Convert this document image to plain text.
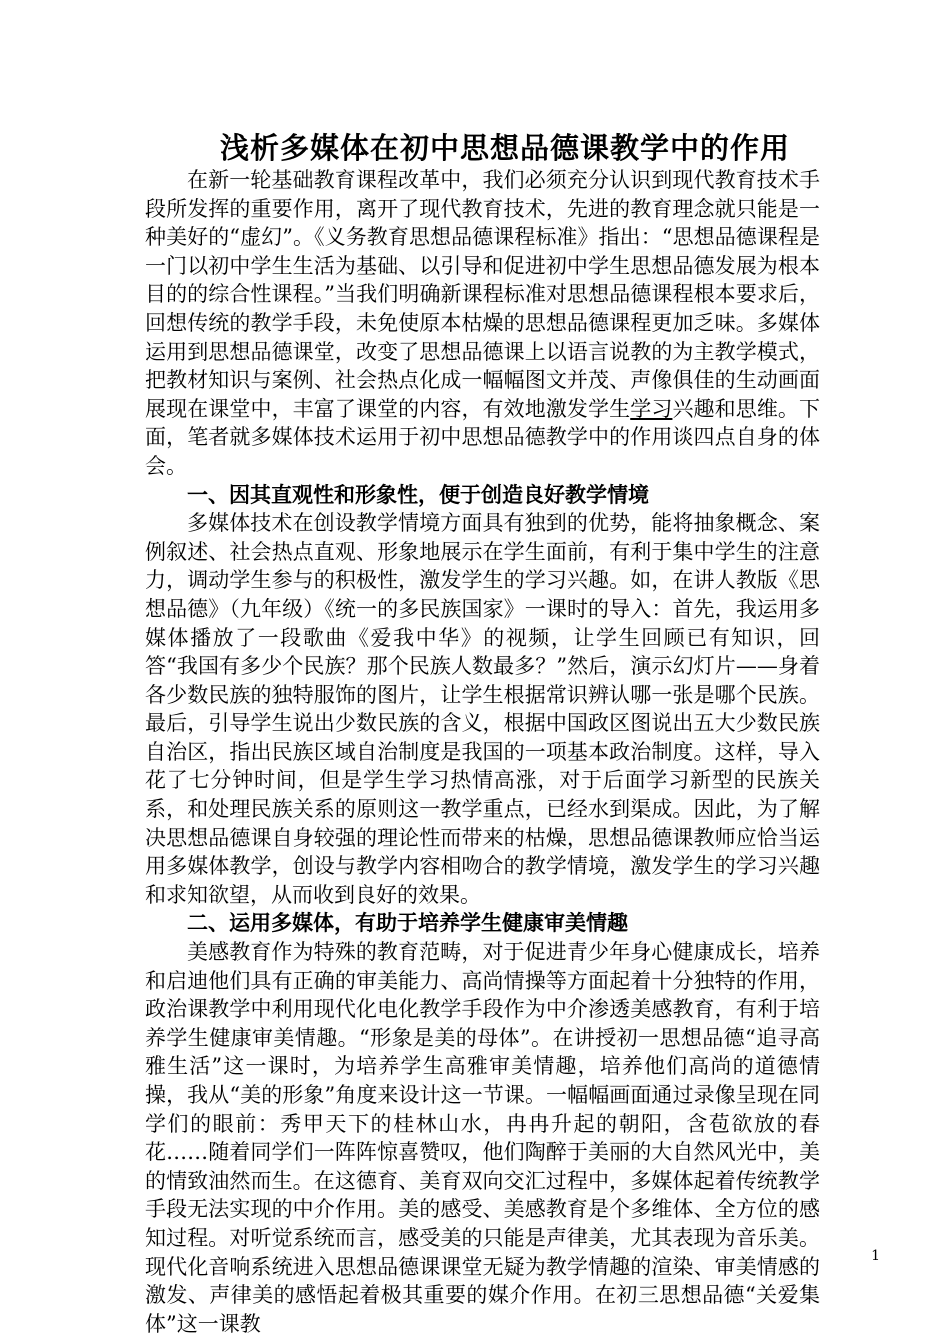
浅析多媒体在初中思想品德课教学中的作用

在新一轮基础教育课程改革中，我们必须充分认识到现代教育技术手段所发挥的重要作用，离开了现代教育技术，先进的教育理念就只能是一种美好的“虚幻”。《义务教育思想品德课程标准》指出：“思想品德课程是一门以初中学生生活为基础、以引导和促进初中学生思想品德发展为根本目的的综合性课程。”当我们明确新课程标准对思想品德课程根本要求后，回想传统的教学手段，未免使原本枯燥的思想品德课程更加乏味。多媒体运用到思想品德课堂，改变了思想品德课上以语言说教的为主教学模式，把教材知识与案例、社会热点化成一幅幅图文并茂、声像俱佳的生动画面展现在课堂中，丰富了课堂的内容，有效地激发学生学习兴趣和思维。下面，笔者就多媒体技术运用于初中思想品德教学中的作用谈四点自身的体会。

一、因其直观性和形象性，便于创造良好教学情境

多媒体技术在创设教学情境方面具有独到的优势，能将抽象概念、案例叙述、社会热点直观、形象地展示在学生面前，有利于集中学生的注意力，调动学生参与的积极性，激发学生的学习兴趣。如，在讲人教版《思想品德》（九年级）《统一的多民族国家》一课时的导入：首先，我运用多媒体播放了一段歌曲《爱我中华》的视频，让学生回顾已有知识，回答“我国有多少个民族？那个民族人数最多？”然后，演示幻灯片——身着各少数民族的独特服饰的图片，让学生根据常识辨认哪一张是哪个民族。最后，引导学生说出少数民族的含义，根据中国政区图说出五大少数民族自治区，指出民族区域自治制度是我国的一项基本政治制度。这样，导入花了七分钟时间，但是学生学习热情高涨，对于后面学习新型的民族关系，和处理民族关系的原则这一教学重点，已经水到渠成。因此，为了解决思想品德课自身较强的理论性而带来的枯燥，思想品德课教师应恰当运用多媒体教学，创设与教学内容相吻合的教学情境，激发学生的学习兴趣和求知欲望，从而收到良好的效果。

二、运用多媒体，有助于培养学生健康审美情趣

美感教育作为特殊的教育范畴，对于促进青少年身心健康成长，培养和启迪他们具有正确的审美能力、高尚情操等方面起着十分独特的作用，政治课教学中利用现代化电化教学手段作为中介渗透美感教育，有利于培养学生健康审美情趣。“形象是美的母体”。在讲授初一思想品德“追寻高雅生活”这一课时，为培养学生高雅审美情趣，培养他们高尚的道德情操，我从“美的形象”角度来设计这一节课。一幅幅画面通过录像呈现在同学们的眼前：秀甲天下的桂林山水，冉冉升起的朝阳，含苞欲放的春花……随着同学们一阵阵惊喜赞叹，他们陶醉于美丽的大自然风光中，美的情致油然而生。在这德育、美育双向交汇过程中，多媒体起着传统教学手段无法实现的中介作用。美的感受、美感教育是个多维体、全方位的感知过程。对听觉系统而言，感受美的只能是声律美，尤其表现为音乐美。现代化音响系统进入思想品德课课堂无疑为教学情趣的渲染、审美情感的激发、声律美的感悟起着极其重要的媒介作用。在初三思想品德“关爱集体”这一课教

1
